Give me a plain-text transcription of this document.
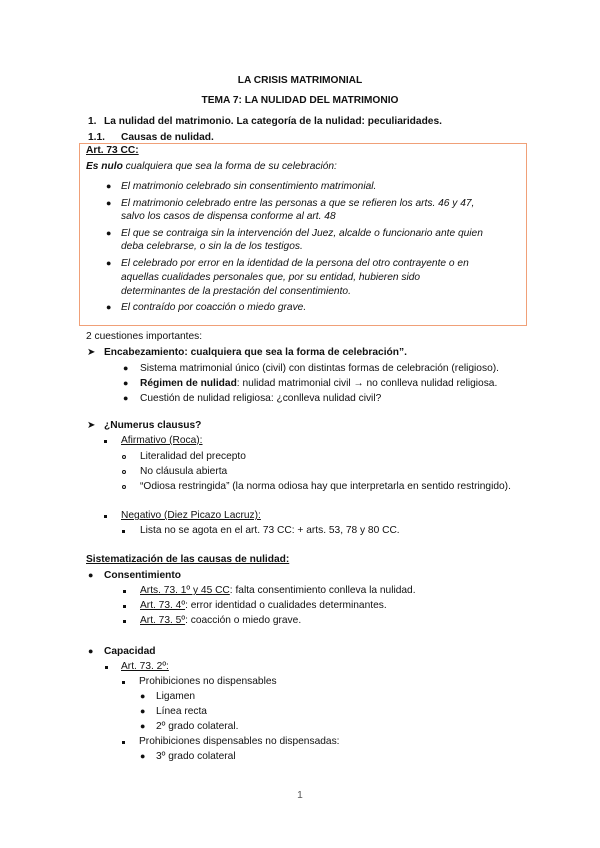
LA CRISIS MATRIMONIAL
TEMA 7: LA NULIDAD DEL MATRIMONIO
1. La nulidad del matrimonio. La categoría de la nulidad: peculiaridades.
1.1. Causas de nulidad.
Art. 73 CC:
Es nulo cualquiera que sea la forma de su celebración:
● El matrimonio celebrado sin consentimiento matrimonial.
● El matrimonio celebrado entre las personas a que se refieren los arts. 46 y 47,
salvo los casos de dispensa conforme al art. 48
● El que se contraiga sin la intervención del Juez, alcalde o funcionario ante quien
deba celebrarse, o sin la de los testigos.
● El celebrado por error en la identidad de la persona del otro contrayente o en
aquellas cualidades personales que, por su entidad, hubieren sido
determinantes de la prestación del consentimiento.
● El contraído por coacción o miedo grave.
2 cuestiones importantes:
➤ Encabezamiento: cualquiera que sea la forma de celebración”.
● Sistema matrimonial único (civil) con distintas formas de celebración (religioso).
● Régimen de nulidad: nulidad matrimonial civil → no conlleva nulidad religiosa.
● Cuestión de nulidad religiosa: ¿conlleva nulidad civil?
➤ ¿Numerus clausus?
Afirmativo (Roca):
Literalidad del precepto
No cláusula abierta
“Odiosa restringida” (la norma odiosa hay que interpretarla en sentido restringido).
Negativo (Diez Picazo Lacruz):
Lista no se agota en el art. 73 CC: + arts. 53, 78 y 80 CC.
Sistematización de las causas de nulidad:
● Consentimiento
Arts. 73. 1º y 45 CC: falta consentimiento conlleva la nulidad.
Art. 73. 4º: error identidad o cualidades determinantes.
Art. 73. 5º: coacción o miedo grave.
● Capacidad
Art. 73. 2º:
Prohibiciones no dispensables
● Ligamen
● Línea recta
● 2º grado colateral.
Prohibiciones dispensables no dispensadas:
● 3º grado colateral
1
